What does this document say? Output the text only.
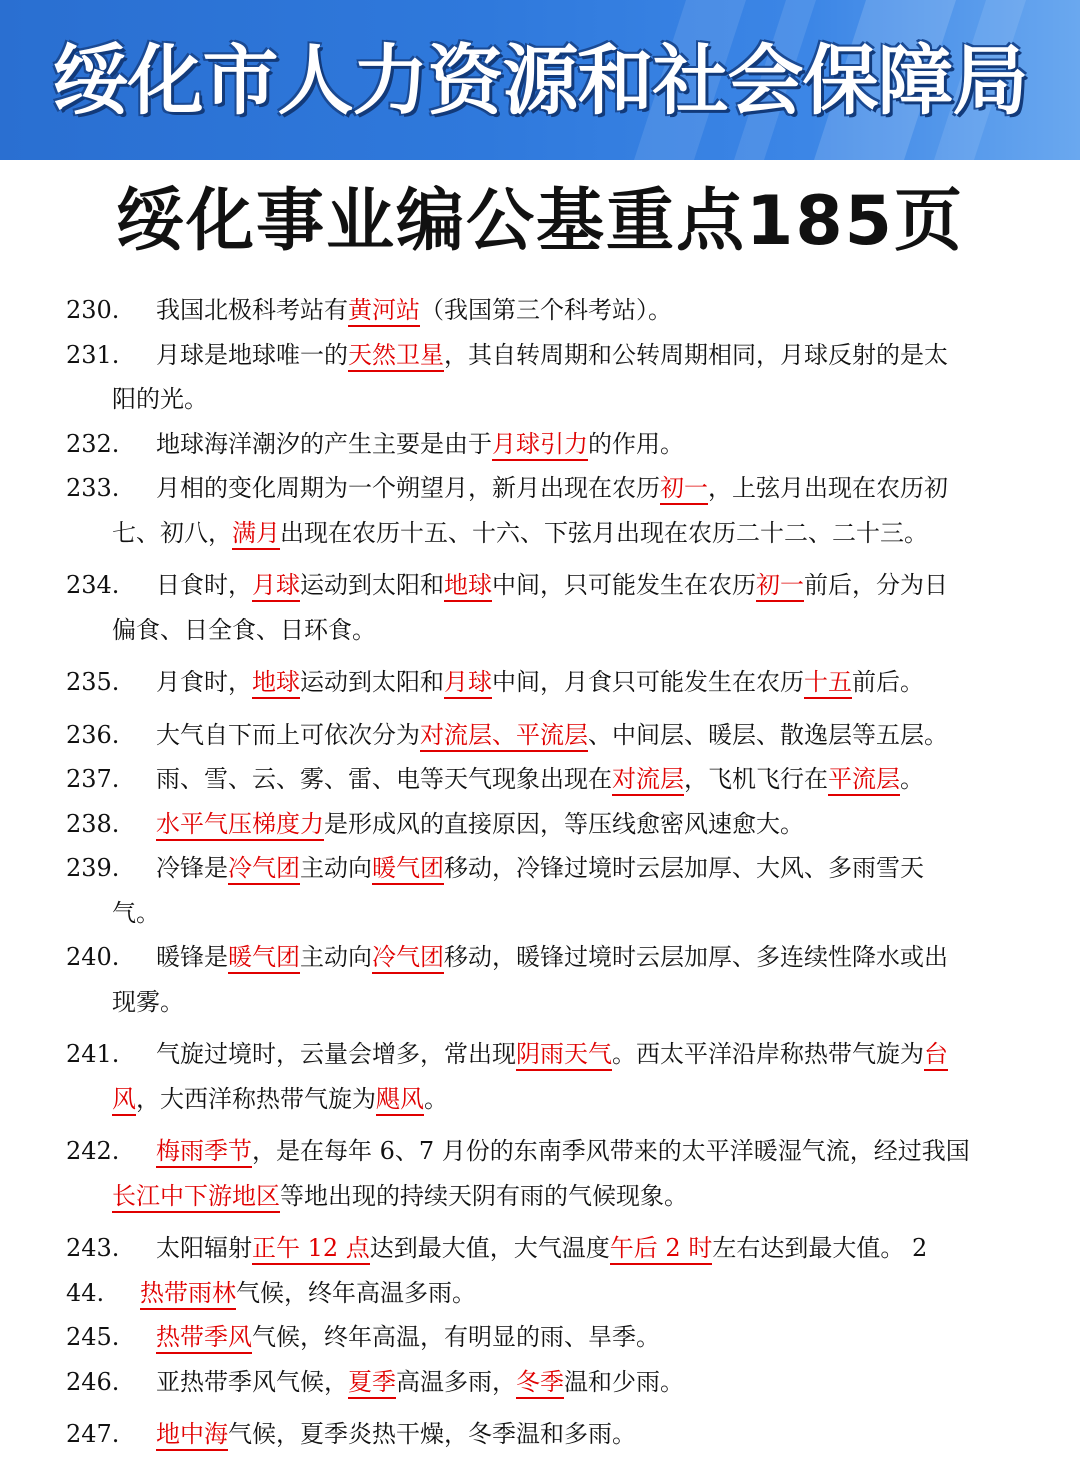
绥化市人力资源和社会保障局
绥化事业编公基重点185页
230.	我国北极科考站有黄河站（我国第三个科考站）。
231.	月球是地球唯一的天然卫星，其自转周期和公转周期相同，月球反射的是太阳的光。
232.	地球海洋潮汐的产生主要是由于月球引力的作用。
233.	月相的变化周期为一个朔望月，新月出现在农历初一，上弦月出现在农历初七、初八，满月出现在农历十五、十六、下弦月出现在农历二十二、二十三。
234.	日食时，月球运动到太阳和地球中间，只可能发生在农历初一前后，分为日偏食、日全食、日环食。
235.	月食时，地球运动到太阳和月球中间，月食只可能发生在农历十五前后。
236.	大气自下而上可依次分为对流层、平流层、中间层、暖层、散逸层等五层。
237.	雨、雪、云、雾、雷、电等天气现象出现在对流层，飞机飞行在平流层。
238.	水平气压梯度力是形成风的直接原因，等压线愈密风速愈大。
239.	冷锋是冷气团主动向暖气团移动，冷锋过境时云层加厚、大风、多雨雪天气。
240.	暖锋是暖气团主动向冷气团移动，暖锋过境时云层加厚、多连续性降水或出现雾。
241.	气旋过境时，云量会增多，常出现阴雨天气。西太平洋沿岸称热带气旋为台风，大西洋称热带气旋为飓风。
242.	梅雨季节，是在每年 6、7 月份的东南季风带来的太平洋暖湿气流，经过我国长江中下游地区等地出现的持续天阴有雨的气候现象。
243.	太阳辐射正午 12 点达到最大值，大气温度午后 2 时左右达到最大值。 2
44.	热带雨林气候，终年高温多雨。
245.	热带季风气候，终年高温，有明显的雨、旱季。
246.	亚热带季风气候，夏季高温多雨，冬季温和少雨。
247.	地中海气候，夏季炎热干燥，冬季温和多雨。
